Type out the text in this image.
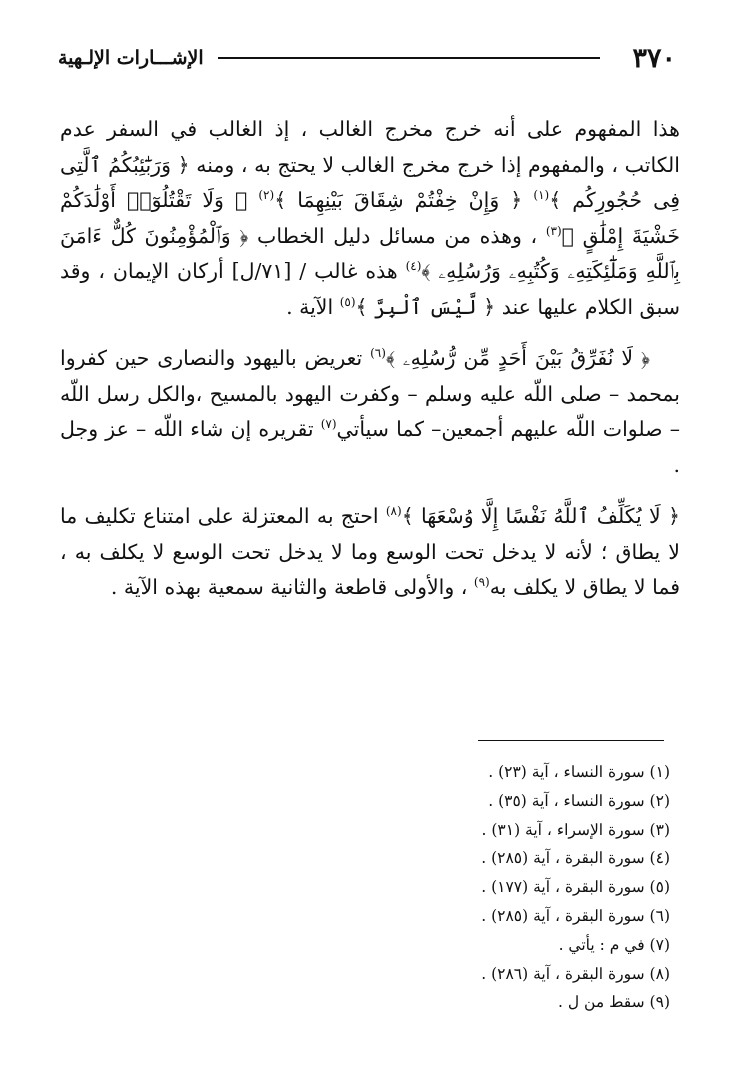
٣٧٠
الإشـــارات الإلـهية

هذا المفهوم على أنه خرج مخرج الغالب ، إذ الغالب في السفر عدم الكاتب ، والمفهوم إذا خرج مخرج الغالب لا يحتج به ، ومنه ﴿ وَرَبَٰٓئِبُكُمُ ٱلَّتِى فِى حُجُورِكُم ﴾$^{(١)}$ ﴿ وَإِنْ خِفْتُمْ شِقَاقَ بَيْنِهِمَا ﴾$^{(٢)}$ ﴿ وَلَا تَقْتُلُوٓا۟ أَوْلَٰدَكُمْ خَشْيَةَ إِمْلَٰقٍ ﴾$^{(٣)}$ ، وهذه من مسائل دليل الخطاب ﴿ وَٱلْمُؤْمِنُونَ كُلٌّ ءَامَنَ بِٱللَّهِ وَمَلَٰٓئِكَتِهِۦ وَكُتُبِهِۦ وَرُسُلِهِۦ ﴾$^{(٤)}$ هذه غالب / [٧١/ل] أركان الإيمان ، وقد سبق الكلام عليها عند ﴿ لَّيْسَ ٱلْبِرَّ ﴾$^{(٥)}$ الآية .

﴿ لَا نُفَرِّقُ بَيْنَ أَحَدٍ مِّن رُّسُلِهِۦ ﴾$^{(٦)}$ تعريض باليهود والنصارى حين كفروا بمحمد – صلى اللّه عليه وسلم – وكفرت اليهود بالمسيح ،والكل رسل اللّه – صلوات اللّه عليهم أجمعين– كما سيأتي$^{(٧)}$ تقريره إن شاء اللّه – عز وجل .

﴿ لَا يُكَلِّفُ ٱللَّهُ نَفْسًا إِلَّا وُسْعَهَا ﴾$^{(٨)}$ احتج به المعتزلة على امتناع تكليف ما لا يطاق ؛ لأنه لا يدخل تحت الوسع وما لا يدخل تحت الوسع لا يكلف به ، فما لا يطاق لا يكلف به$^{(٩)}$ ، والأولى قاطعة والثانية سمعية بهذه الآية .

(١) سورة النساء ، آية (٢٣) .
(٢) سورة النساء ، آية (٣٥) .
(٣) سورة الإسراء ، آية (٣١) .
(٤) سورة البقرة ، آية (٢٨٥) .
(٥) سورة البقرة ، آية (١٧٧) .
(٦) سورة البقرة ، آية (٢٨٥) .
(٧) في م : يأتي .
(٨) سورة البقرة ، آية (٢٨٦) .
(٩) سقط من ل .
